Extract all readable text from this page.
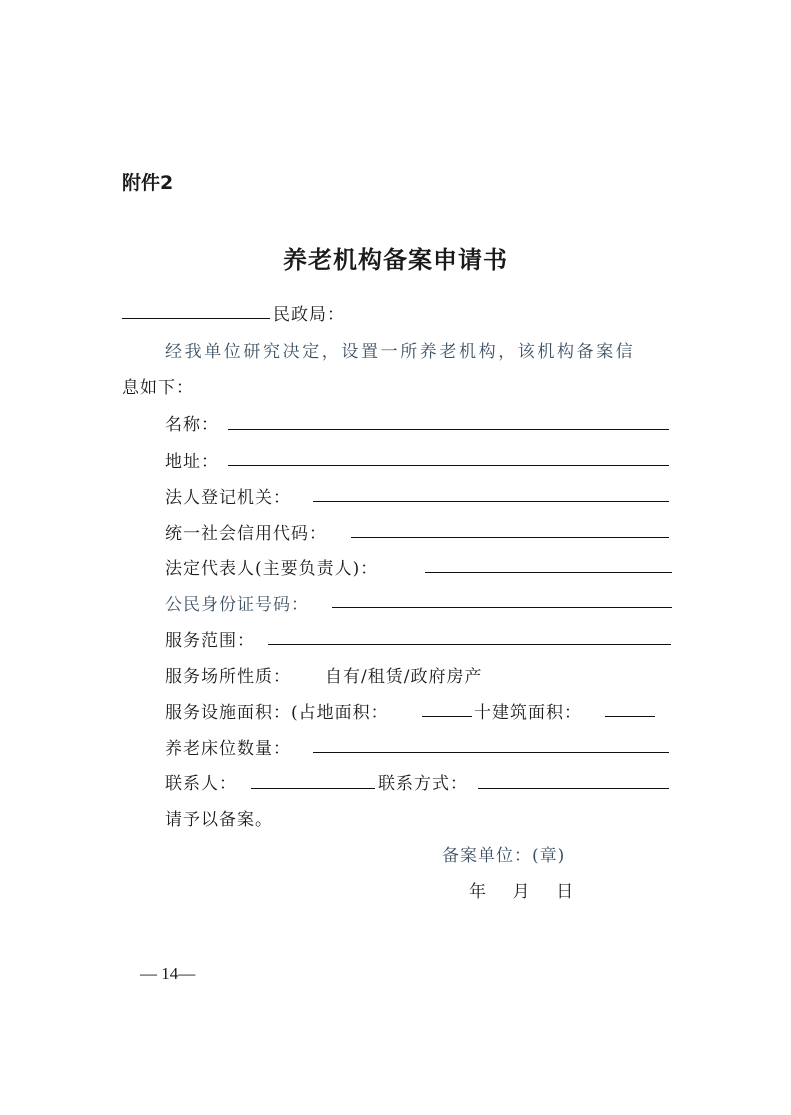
附件2
养老机构备案申请书
民政局：
经我单位研究决定，设置一所养老机构，该机构备案信
息如下：
名称：
地址：
法人登记机关：
统一社会信用代码：
法定代表人(主要负责人)：
公民身份证号码：
服务范围：
服务场所性质： 自有/租赁/政府房产
服务设施面积：(占地面积：	十建筑面积：
养老床位数量：
联系人：	联系方式：
请予以备案。
备案单位：(章)
年    月    日
— 14—
